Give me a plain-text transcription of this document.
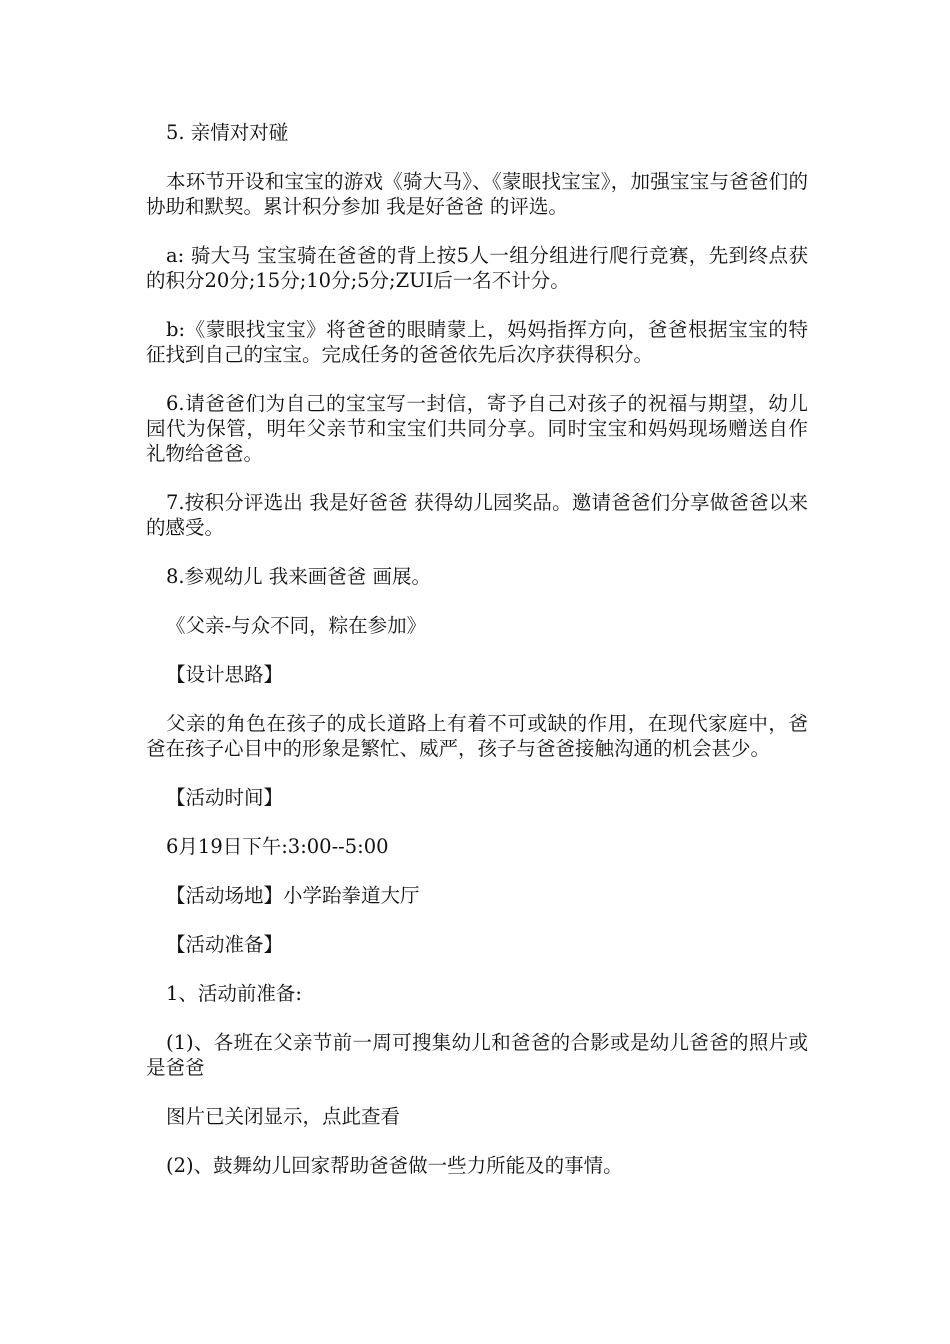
5. 亲情对对碰

本环节开设和宝宝的游戏《骑大马》、《蒙眼找宝宝》，加强宝宝与爸爸们的协助和默契。累计积分参加 我是好爸爸 的评选。

a: 骑大马 宝宝骑在爸爸的背上按5人一组分组进行爬行竞赛，先到终点获的积分20分;15分;10分;5分;ZUI后一名不计分。

b:《蒙眼找宝宝》将爸爸的眼睛蒙上，妈妈指挥方向，爸爸根据宝宝的特征找到自己的宝宝。完成任务的爸爸依先后次序获得积分。

6.请爸爸们为自己的宝宝写一封信，寄予自己对孩子的祝福与期望，幼儿园代为保管，明年父亲节和宝宝们共同分享。同时宝宝和妈妈现场赠送自作礼物给爸爸。

7.按积分评选出 我是好爸爸 获得幼儿园奖品。邀请爸爸们分享做爸爸以来的感受。

8.参观幼儿 我来画爸爸 画展。

《父亲-与众不同，粽在参加》

【设计思路】

父亲的角色在孩子的成长道路上有着不可或缺的作用，在现代家庭中，爸爸在孩子心目中的形象是繁忙、威严，孩子与爸爸接触沟通的机会甚少。

【活动时间】

6月19日下午:3:00--5:00

【活动场地】小学跆拳道大厅

【活动准备】

1、活动前准备:

(1)、各班在父亲节前一周可搜集幼儿和爸爸的合影或是幼儿爸爸的照片或是爸爸

图片已关闭显示，点此查看

(2)、鼓舞幼儿回家帮助爸爸做一些力所能及的事情。
